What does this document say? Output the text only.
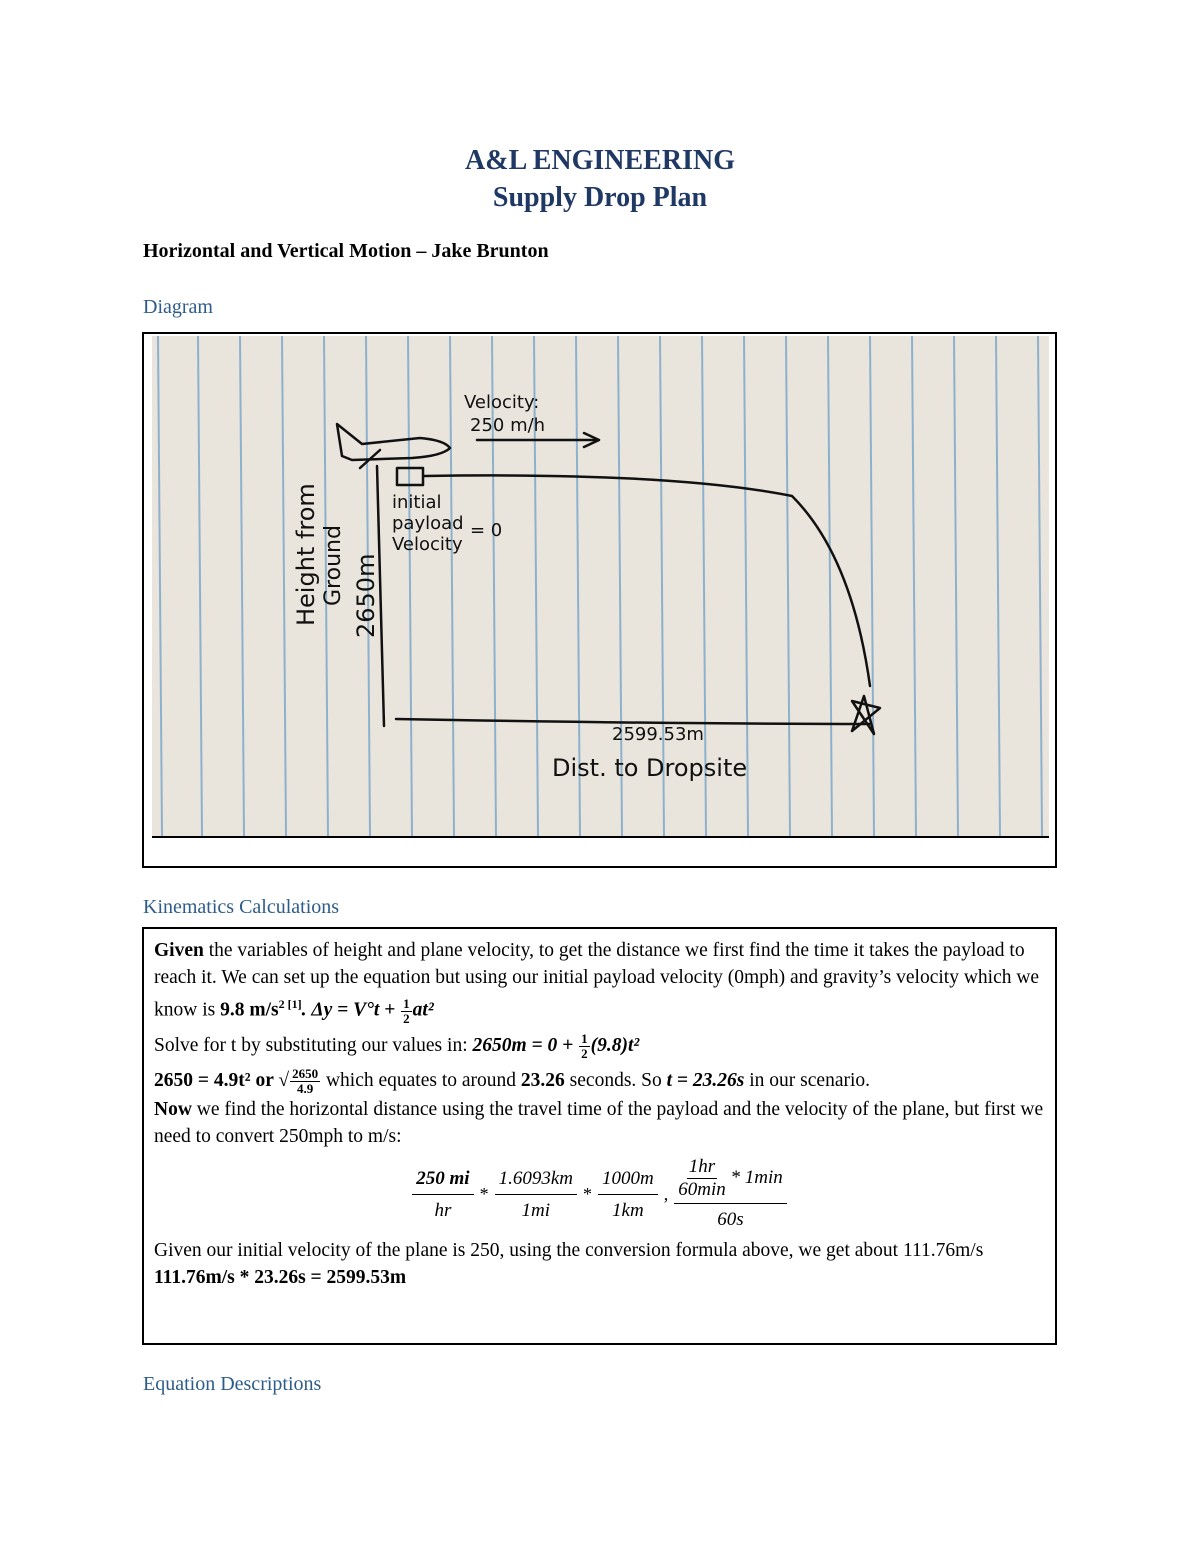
A&L ENGINEERING
Supply Drop Plan
Horizontal and Vertical Motion – Jake Brunton
Diagram
Velocity:
250 m/h
initial
payload
Velocity
= 0
2599.53m
Dist. to Dropsite
Height from Ground 2650m
Kinematics Calculations

Given the variables of height and plane velocity, to get the distance we first find the time it takes the payload to reach it. We can set up the equation but using our initial payload velocity (0mph) and gravity’s velocity which we know is 9.8 $m/s^{2 [1]}$. $\Delta y = V^\circ t + \frac{1}{2} at^2$

Solve for t by substituting our values in: $2650m = 0 + \frac{1}{2} (9.8)t^2$

2650 = 4.9t² or √ $\frac{2650}{4.9}$ which equates to around 23.26 seconds. So t = 23.26s in our scenario.

Now we find the horizontal distance using the travel time of the payload and the velocity of the plane, but first we need to convert 250mph to m/s:

250 mi
hr
*
1.6093km
1mi
*
1000m
1km
,
1hr
60min
* 1min
60s

Given our initial velocity of the plane is 250, using the conversion formula above, we get about 111.76m/s

111.76m/s * 23.26s = 2599.53m

Equation Descriptions
